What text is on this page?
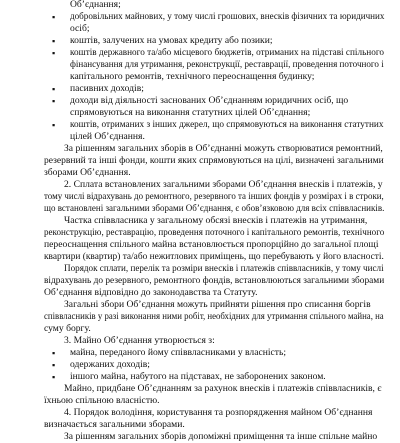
▪
▪
▪
▪
▪
▪
▪
▪
▪
Об’єднання;
добровільних майнових, у тому числі грошових, внесків фізичних та юридичних
осіб;
коштів, залучених на умовах кредиту або позики;
коштів державного та/або місцевого бюджетів, отриманих на підставі спільного
фінансування для утримання, реконструкції, реставрації, проведення поточного і
капітального ремонтів, технічного переоснащення будинку;
пасивних доходів;
доходи від діяльності заснованих Об’єднанням юридичних осіб, що
спрямовуються на виконання статутних цілей Об’єднання;
коштів, отриманих з інших джерел, що спрямовуються на виконання статутних
цілей Об’єднання.
За рішенням загальних зборів в Об’єднанні можуть створюватися ремонтний,
резервний та інші фонди, кошти яких спрямовуються на цілі, визначені загальними
зборами Об’єднання.
2. Сплата встановлених загальними зборами Об’єднання внесків і платежів, у
тому числі відрахувань до ремонтного, резервного та інших фондів у розмірах і в строки,
що встановлені загальними зборами Об’єднання, є обов’язковою для всіх співвласників.
Частка співвласника у загальному обсязі внесків і платежів на утримання,
реконструкцію, реставрацію, проведення поточного і капітального ремонтів, технічного
переоснащення спільного майна встановлюється пропорційно до загальної площі
квартири (квартир) та/або нежитлових приміщень, що перебувають у його власності.
Порядок сплати, перелік та розміри внесків і платежів співвласників, у тому числі
відрахувань до резервного, ремонтного фондів, встановлюються загальними зборами
Об’єднання відповідно до законодавства та Статуту.
Загальні збори Об’єднання можуть прийняти рішення про списання боргів
співвласників у разі виконання ними робіт, необхідних для утримання спільного майна, на
суму боргу.
3. Майно Об’єднання утворюється з:
майна, переданого йому співвласниками у власність;
одержаних доходів;
іншого майна, набутого на підставах, не заборонених законом.
Майно, придбане Об’єднанням за рахунок внесків і платежів співвласників, є
їхньою спільною власністю.
4. Порядок володіння, користування та розпорядження майном Об’єднання
визначається загальними зборами.
За рішенням загальних зборів допоміжні приміщення та інше спільне майно
